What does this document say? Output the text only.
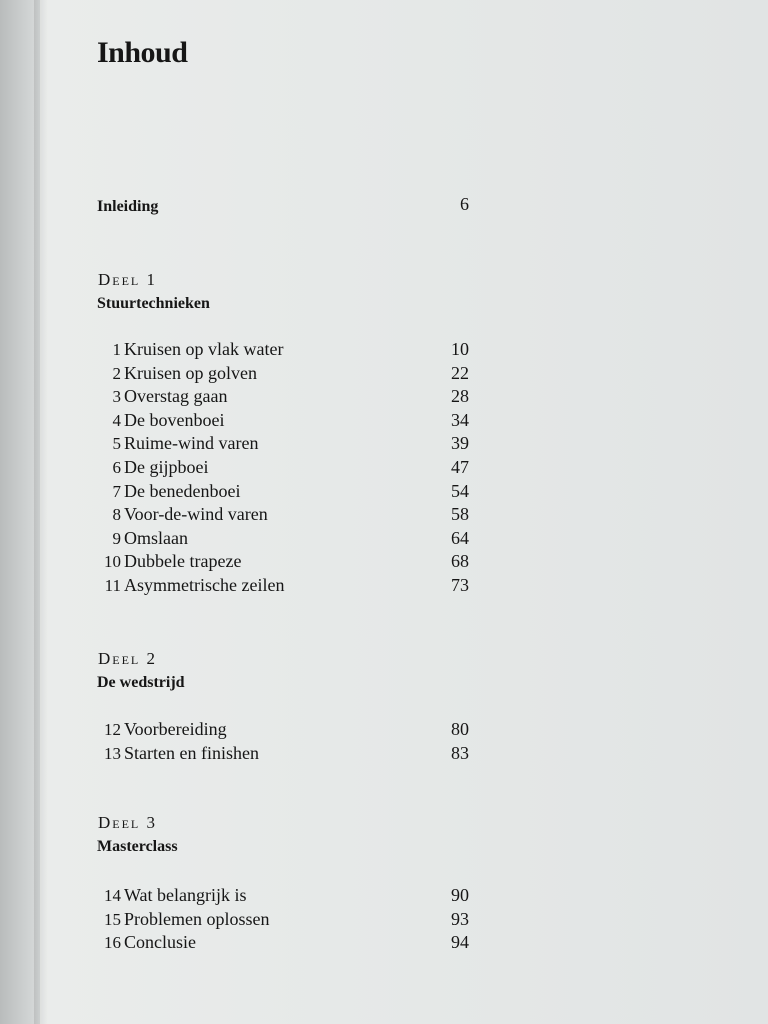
Inhoud
Inleiding	6
Deel 1
Stuurtechnieken
1 Kruisen op vlak water	10
2 Kruisen op golven	22
3 Overstag gaan	28
4 De bovenboei	34
5 Ruime-wind varen	39
6 De gijpboei	47
7 De benedenboei	54
8 Voor-de-wind varen	58
9 Omslaan	64
10 Dubbele trapeze	68
11 Asymmetrische zeilen	73
Deel 2
De wedstrijd
12 Voorbereiding	80
13 Starten en finishen	83
Deel 3
Masterclass
14 Wat belangrijk is	90
15 Problemen oplossen	93
16 Conclusie	94
